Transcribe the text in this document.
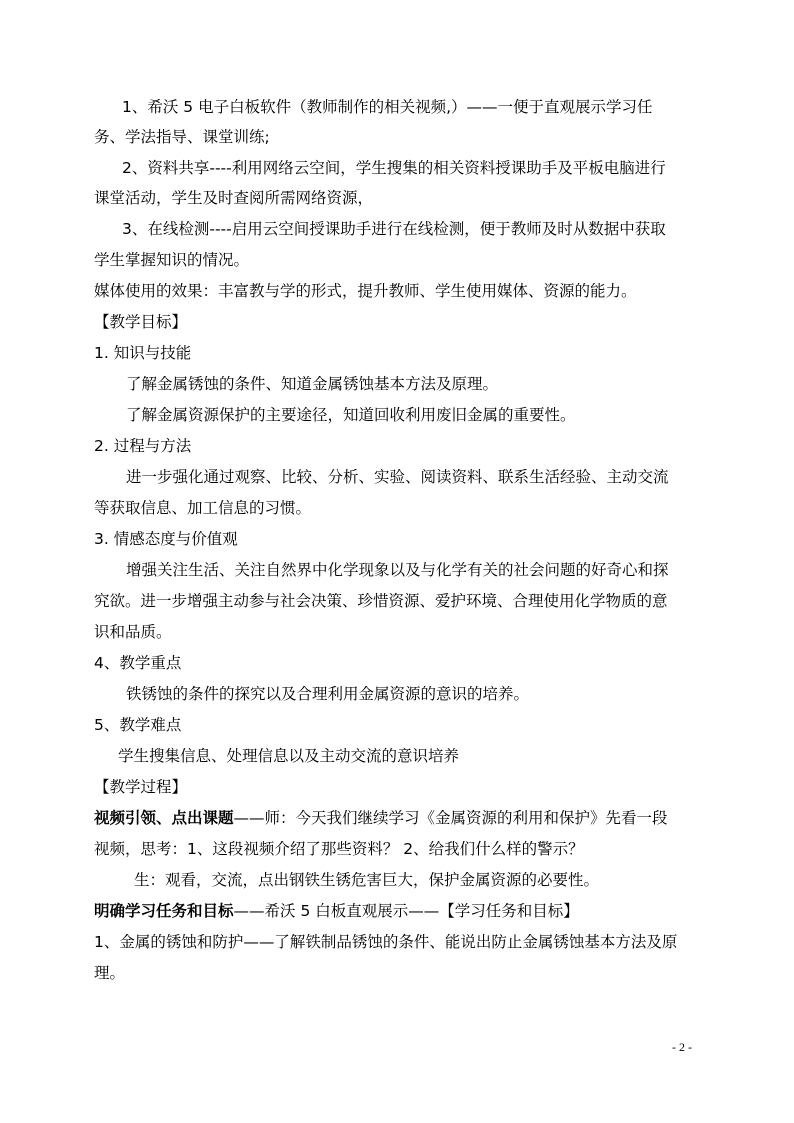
1、希沃 5 电子白板软件（教师制作的相关视频,）——一便于直观展示学习任
务、学法指导、课堂训练;
2、资料共享----利用网络云空间，学生搜集的相关资料授课助手及平板电脑进行
课堂活动，学生及时查阅所需网络资源，
3、在线检测----启用云空间授课助手进行在线检测，便于教师及时从数据中获取
学生掌握知识的情况。
媒体使用的效果：丰富教与学的形式，提升教师、学生使用媒体、资源的能力。
【教学目标】
1. 知识与技能
了解金属锈蚀的条件、知道金属锈蚀基本方法及原理。
了解金属资源保护的主要途径，知道回收利用废旧金属的重要性。
2. 过程与方法
进一步强化通过观察、比较、分析、实验、阅读资料、联系生活经验、主动交流
等获取信息、加工信息的习惯。
3. 情感态度与价值观
增强关注生活、关注自然界中化学现象以及与化学有关的社会问题的好奇心和探
究欲。进一步增强主动参与社会决策、珍惜资源、爱护环境、合理使用化学物质的意
识和品质。
4、教学重点
铁锈蚀的条件的探究以及合理利用金属资源的意识的培养。
5、教学难点
学生搜集信息、处理信息以及主动交流的意识培养
【教学过程】
视频引领、点出课题——师：今天我们继续学习《金属资源的利用和保护》先看一段
视频，思考：1、这段视频介绍了那些资料？ 2、给我们什么样的警示？
生：观看，交流，点出钢铁生锈危害巨大，保护金属资源的必要性。
明确学习任务和目标——希沃 5 白板直观展示——【学习任务和目标】
1、金属的锈蚀和防护——了解铁制品锈蚀的条件、能说出防止金属锈蚀基本方法及原
理。
- 2 -
